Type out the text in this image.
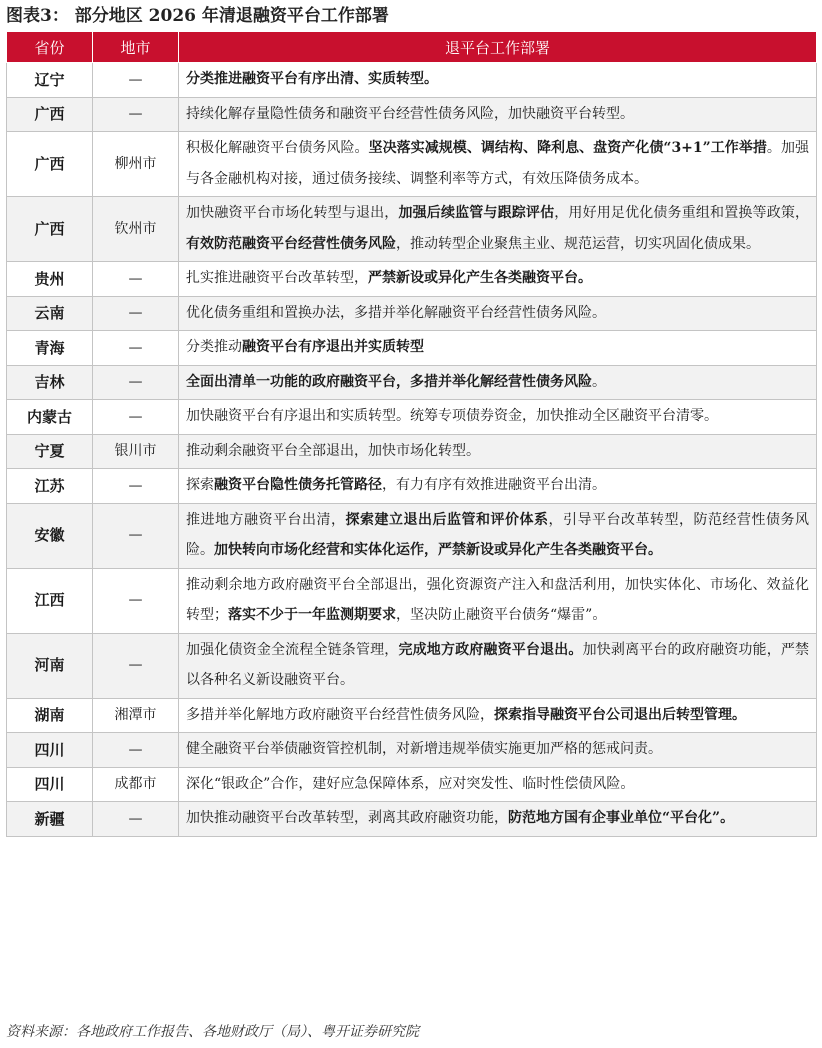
图表3： 部分地区 2026 年清退融资平台工作部署
省份	地市	退平台工作部署
辽宁	—	分类推进融资平台有序出清、实质转型。
广西	—	持续化解存量隐性债务和融资平台经营性债务风险，加快融资平台转型。
广西	柳州市	积极化解融资平台债务风险。坚决落实减规模、调结构、降利息、盘资产化债“3+1”工作举措。加强与各金融机构对接，通过债务接续、调整利率等方式，有效压降债务成本。
广西	钦州市	加快融资平台市场化转型与退出，加强后续监管与跟踪评估，用好用足优化债务重组和置换等政策，有效防范融资平台经营性债务风险，推动转型企业聚焦主业、规范运营，切实巩固化债成果。
贵州	—	扎实推进融资平台改革转型，严禁新设或异化产生各类融资平台。
云南	—	优化债务重组和置换办法，多措并举化解融资平台经营性债务风险。
青海	—	分类推动融资平台有序退出并实质转型
吉林	—	全面出清单一功能的政府融资平台，多措并举化解经营性债务风险。
内蒙古	—	加快融资平台有序退出和实质转型。统筹专项债券资金，加快推动全区融资平台清零。
宁夏	银川市	推动剩余融资平台全部退出，加快市场化转型。
江苏	—	探索融资平台隐性债务托管路径，有力有序有效推进融资平台出清。
安徽	—	推进地方融资平台出清，探索建立退出后监管和评价体系，引导平台改革转型，防范经营性债务风险。加快转向市场化经营和实体化运作，严禁新设或异化产生各类融资平台。
江西	—	推动剩余地方政府融资平台全部退出，强化资源资产注入和盘活利用，加快实体化、市场化、效益化转型；落实不少于一年监测期要求，坚决防止融资平台债务“爆雷”。
河南	—	加强化债资金全流程全链条管理，完成地方政府融资平台退出。加快剥离平台的政府融资功能，严禁以各种名义新设融资平台。
湖南	湘潭市	多措并举化解地方政府融资平台经营性债务风险，探索指导融资平台公司退出后转型管理。
四川	—	健全融资平台举债融资管控机制，对新增违规举债实施更加严格的惩戒问责。
四川	成都市	深化“银政企”合作，建好应急保障体系，应对突发性、临时性偿债风险。
新疆	—	加快推动融资平台改革转型，剥离其政府融资功能，防范地方国有企事业单位“平台化”。
资料来源：各地政府工作报告、各地财政厅（局）、粤开证券研究院
